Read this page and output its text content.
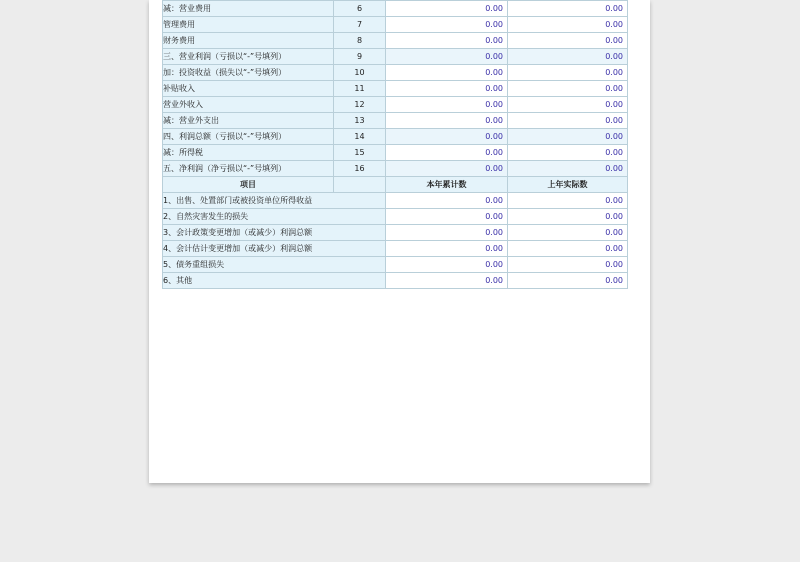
减：营业费用	6	0.00	0.00
管理费用	7	0.00	0.00
财务费用	8	0.00	0.00
三、营业利润（亏损以“-”号填列）	9	0.00	0.00
加：投资收益（损失以“-”号填列）	10	0.00	0.00
补贴收入	11	0.00	0.00
营业外收入	12	0.00	0.00
减：营业外支出	13	0.00	0.00
四、利润总额（亏损以“-”号填列）	14	0.00	0.00
减：所得税	15	0.00	0.00
五、净利润（净亏损以“-”号填列）	16	0.00	0.00
项目		本年累计数	上年实际数
1、出售、处置部门或被投资单位所得收益		0.00	0.00
2、自然灾害发生的损失		0.00	0.00
3、会计政策变更增加（或减少）利润总额		0.00	0.00
4、会计估计变更增加（或减少）利润总额		0.00	0.00
5、债务重组损失		0.00	0.00
6、其他		0.00	0.00
